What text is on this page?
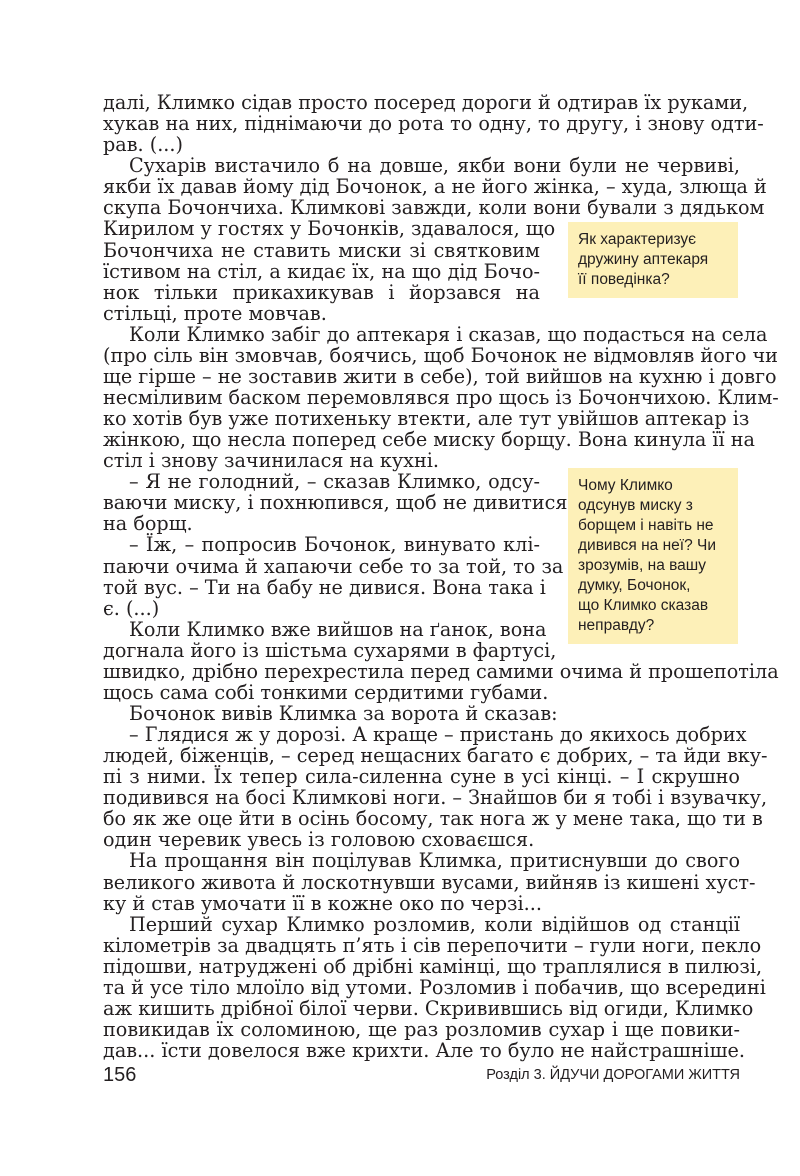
далі, Климко сідав просто посеред дороги й одтирав їх руками,
хукав на них, піднімаючи до рота то одну, то другу, і знову одти-
рав. (...)
Сухарів вистачило б на довше, якби вони були не червиві,
якби їх давав йому дід Бочонок, а не його жінка, – худа, злюща й
скупа Бочончиха. Климкові завжди, коли вони бували з дядьком
Кирилом у гостях у Бочонків, здавалося, що
Бочончиха не ставить миски зі святковим
їстивом на стіл, а кидає їх, на що дід Бочо-
нок тільки прикахикував і йорзався на
стільці, проте мовчав.
Коли Климко забіг до аптекаря і сказав, що подасться на села
(про сіль він змовчав, боячись, щоб Бочонок не відмовляв його чи
ще гірше – не зоставив жити в себе), той вийшов на кухню і довго
несміливим баском перемовлявся про щось із Бочончихою. Клим-
ко хотів був уже потихеньку втекти, але тут увійшов аптекар із
жінкою, що несла поперед себе миску борщу. Вона кинула її на
стіл і знову зачинилася на кухні.
– Я не голодний, – сказав Климко, одсу-
ваючи миску, і похнюпився, щоб не дивитися
на борщ.
– Їж, – попросив Бочонок, винувато клі-
паючи очима й хапаючи себе то за той, то за
той вус. – Ти на бабу не дивися. Вона така і
є. (...)
Коли Климко вже вийшов на ґанок, вона
догнала його із шістьма сухарями в фартусі,
швидко, дрібно перехрестила перед самими очима й прошепотіла
щось сама собі тонкими сердитими губами.
Бочонок вивів Климка за ворота й сказав:
– Глядися ж у дорозі. А краще – пристань до якихось добрих
людей, біженців, – серед нещасних багато є добрих, – та йди вку-
пі з ними. Їх тепер сила-силенна суне в усі кінці. – І скрушно
подивився на босі Климкові ноги. – Знайшов би я тобі і взувачку,
бо як же оце йти в осінь босому, так нога ж у мене така, що ти в
один черевик увесь із головою сховаєшся.
На прощання він поцілував Климка, притиснувши до свого
великого живота й лоскотнувши вусами, вийняв із кишені хуст-
ку й став умочати її в кожне око по черзі...
Перший сухар Климко розломив, коли відійшов од станції
кілометрів за двадцять п’ять і сів перепочити – гули ноги, пекло
підошви, натруджені об дрібні камінці, що траплялися в пилюзі,
та й усе тіло млоїло від утоми. Розломив і побачив, що всередині
аж кишить дрібної білої черви. Скривившись від огиди, Климко
повикидав їх соломиною, ще раз розломив сухар і ще повики-
дав... їсти довелося вже крихти. Але то було не найстрашніше.
Як характеризує
дружину аптекаря
її поведінка?
Чому Климко
одсунув миску з
борщем і навіть не
дивився на неї? Чи
зрозумів, на вашу
думку, Бочонок,
що Климко сказав
неправду?
156	Розділ 3. ЙДУЧИ ДОРОГАМИ ЖИТТЯ
